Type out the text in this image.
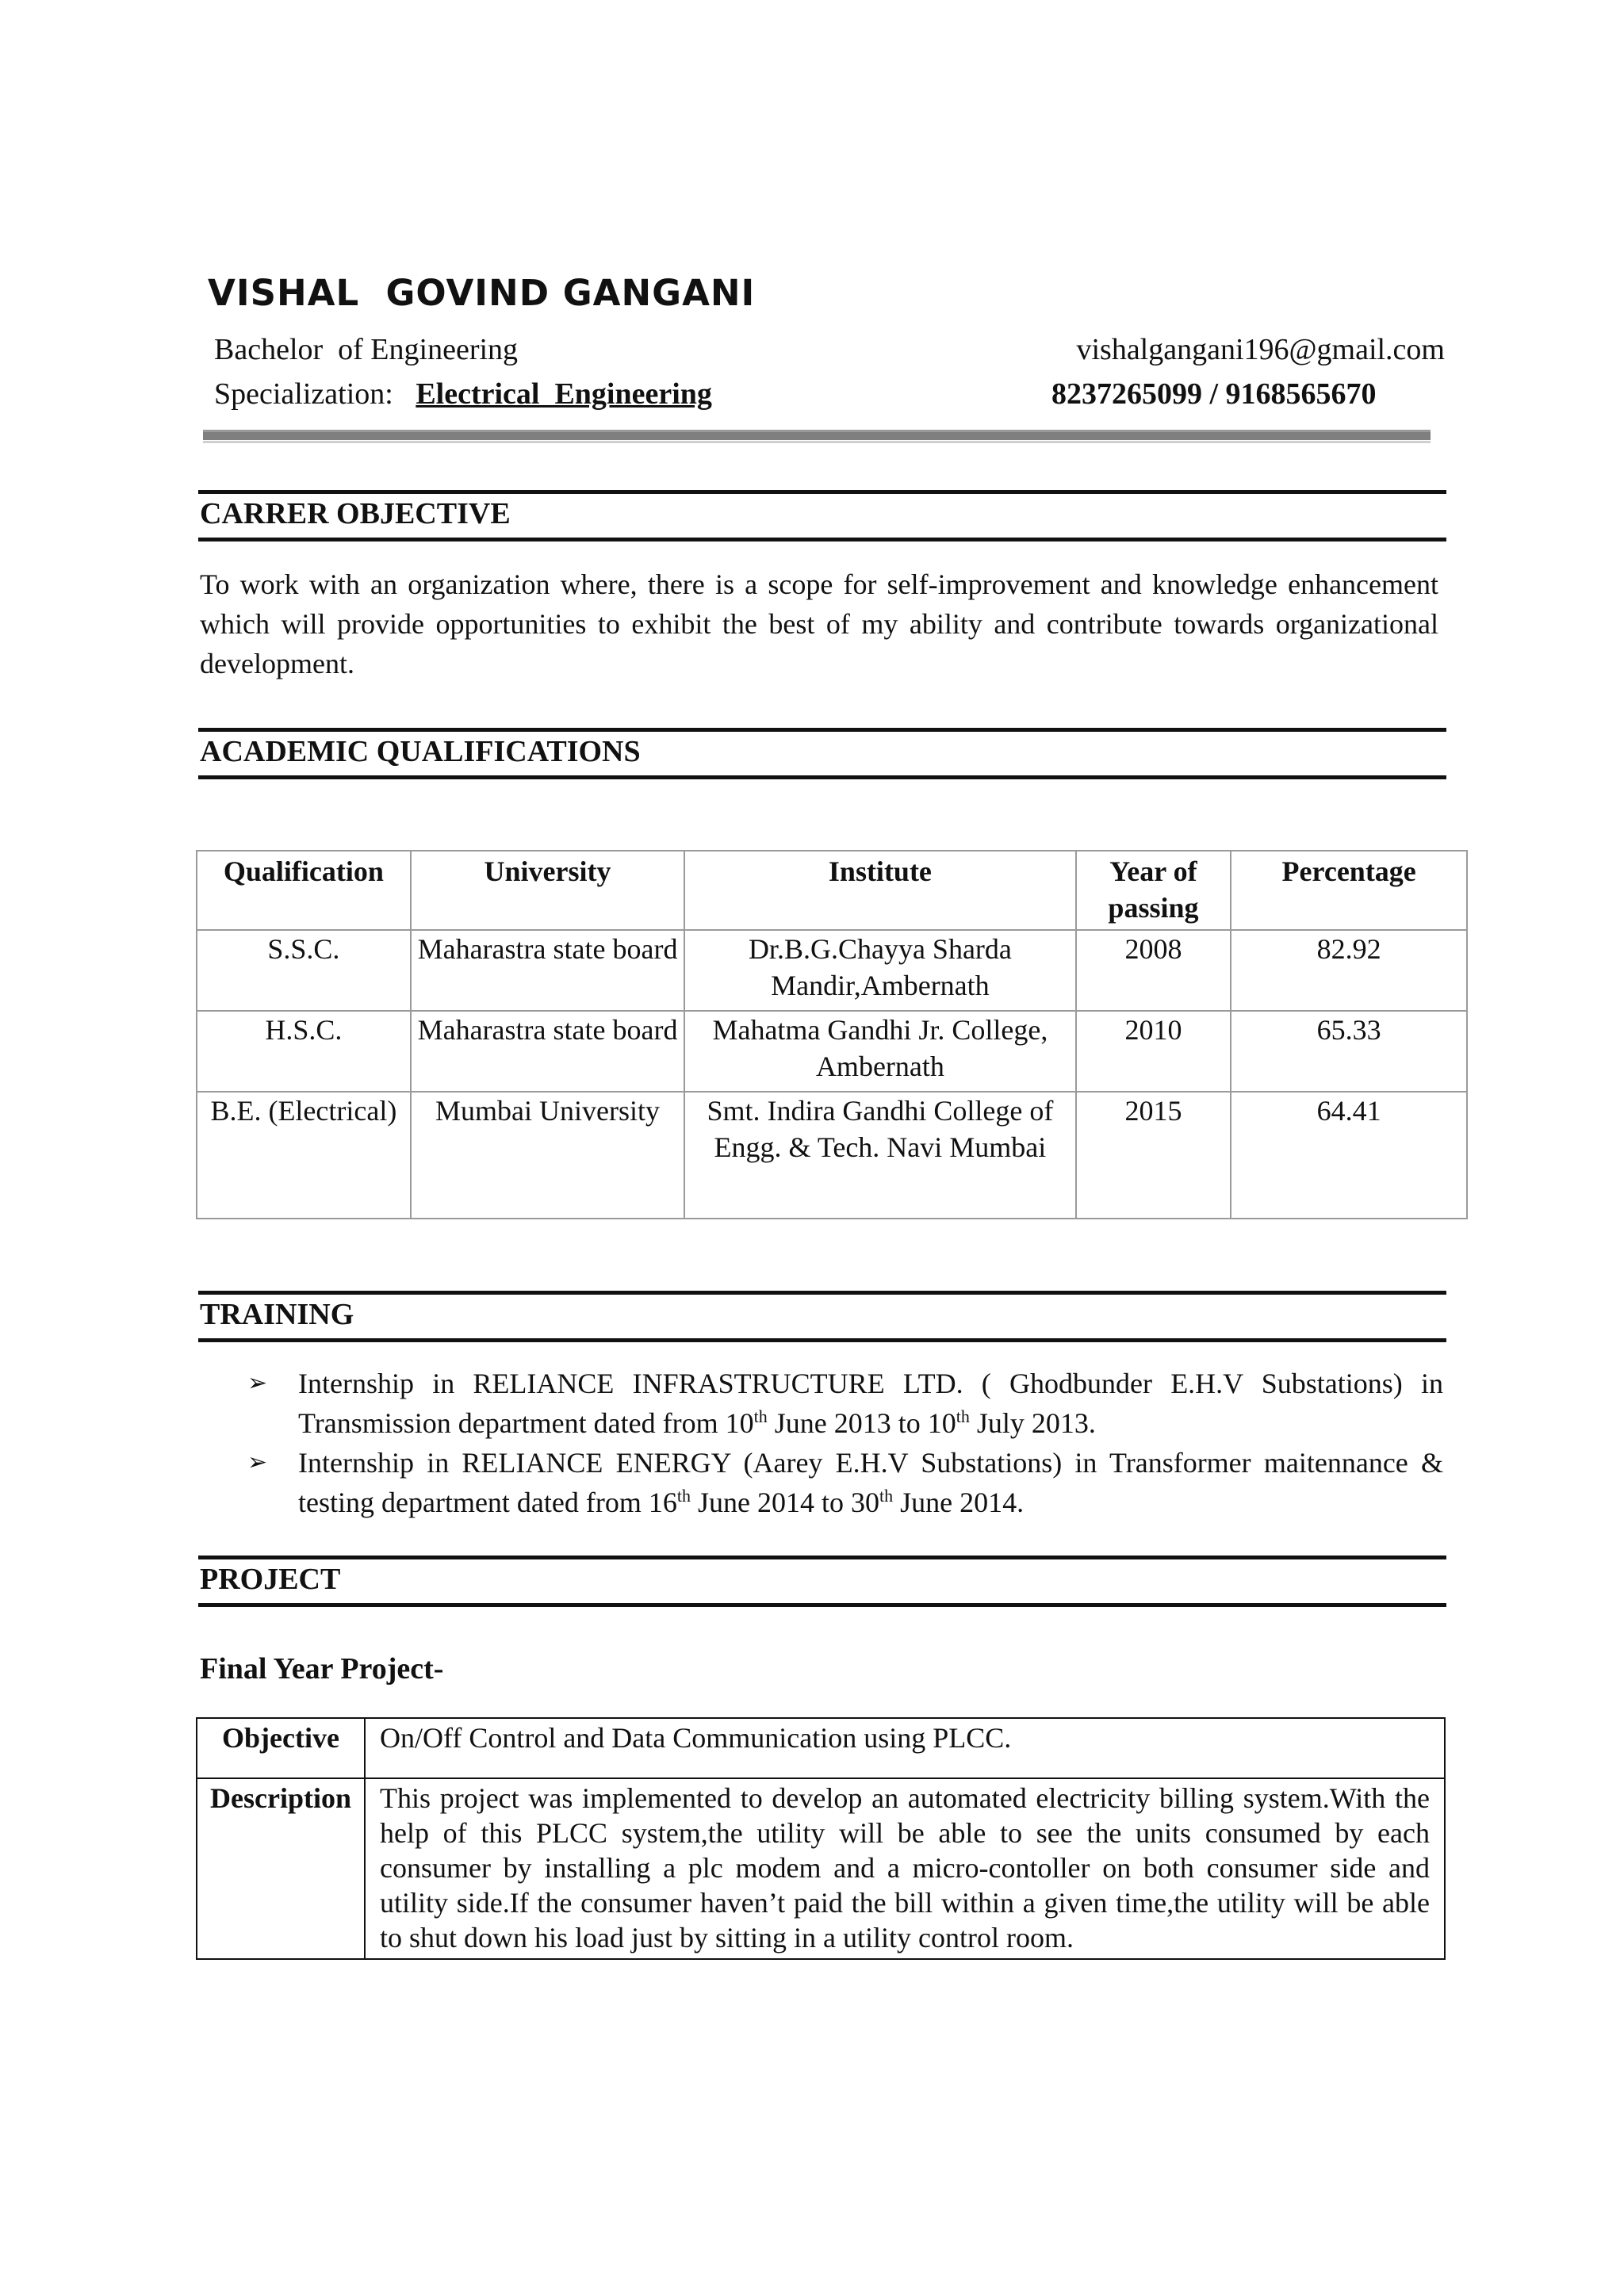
VISHAL  GOVIND GANGANI
Bachelor  of Engineering	vishalgangani196@gmail.com
Specialization: Electrical  Engineering	8237265099 / 9168565670
CARRER OBJECTIVE
To work with an organization where, there is a scope for self-improvement and knowledge enhancement which will provide opportunities to exhibit the best of my ability and contribute towards organizational development.
ACADEMIC QUALIFICATIONS
Qualification	University	Institute	Year of passing	Percentage
S.S.C.	Maharastra state board	Dr.B.G.Chayya Sharda Mandir,Ambernath	2008	82.92
H.S.C.	Maharastra state board	Mahatma Gandhi Jr. College, Ambernath	2010	65.33
B.E. (Electrical)	Mumbai University	Smt. Indira Gandhi College of Engg. & Tech. Navi Mumbai	2015	64.41
TRAINING
➢ Internship in RELIANCE INFRASTRUCTURE LTD. ( Ghodbunder E.H.V Substations) in Transmission department dated from 10th June 2013 to 10th July 2013.
➢ Internship in RELIANCE ENERGY (Aarey E.H.V Substations) in Transformer maitennance & testing department dated from 16th June 2014 to 30th June 2014.
PROJECT
Final Year Project-
Objective	On/Off Control and Data Communication using PLCC.
Description	This project was implemented to develop an automated electricity billing system.With the help of this PLCC system,the utility will be able to see the units consumed by each consumer by installing a plc modem and a micro-contoller on both consumer side and utility side.If the consumer haven’t paid the bill within a given time,the utility will be able to shut down his load just by sitting in a utility control room.
